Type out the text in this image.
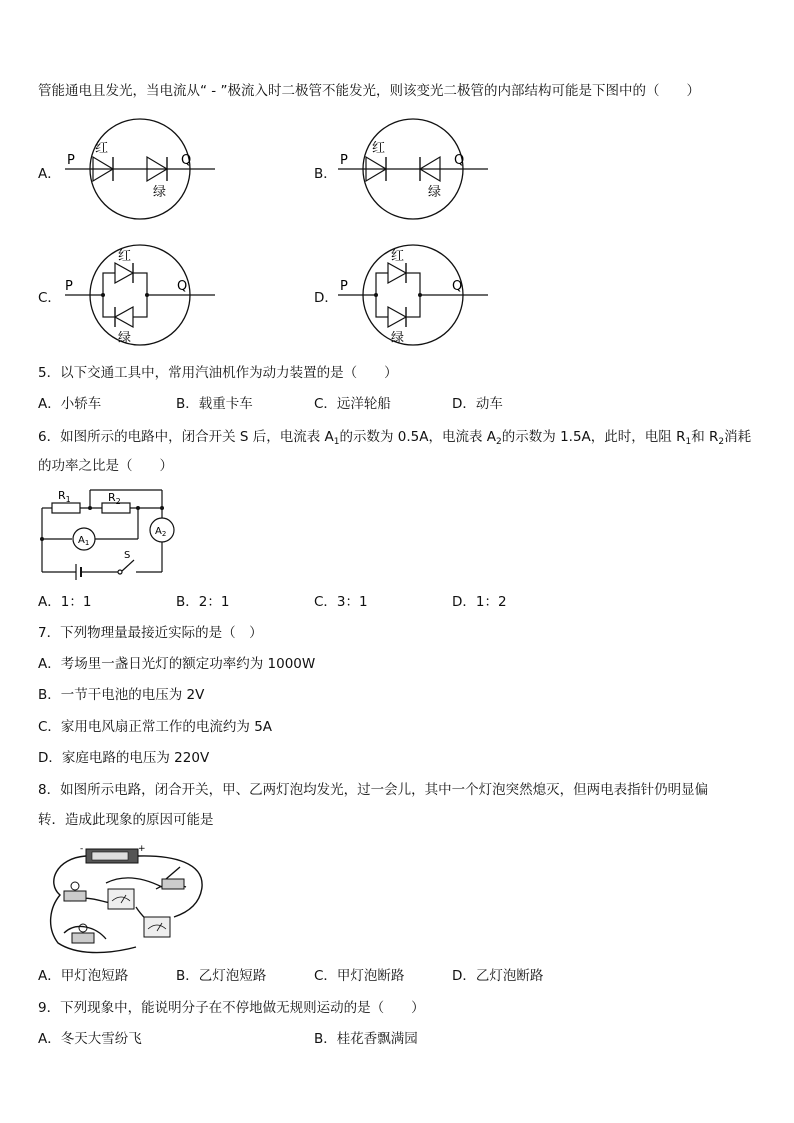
管能通电且发光，当电流从“ - ”极流入时二极管不能发光，则该变光二极管的内部结构可能是下图中的（　　）
A．
P	Q
红
绿
B．
P	Q
红
绿
C．
P	Q
红
绿
D．
P	Q
红
绿
5．以下交通工具中，常用汽油机作为动力装置的是（　　）
A．小轿车	B．载重卡车	C．远洋轮船	D．动车
6．如图所示的电路中，闭合开关 S 后，电流表 $A_1$的示数为 0.5A，电流表 $A_2$的示数为 1.5A，此时，电阻 $R_1$和 $R_2$消耗
的功率之比是（　　）
$R_1$	$R_2$
$A_1$
$A_2$
S
A．1：1	B．2：1	C．3：1	D．1：2
7．下列物理量最接近实际的是（　）
A．考场里一盏日光灯的额定功率约为 1000W
B．一节干电池的电压为 2V
C．家用电风扇正常工作的电流约为 5A
D．家庭电路的电压为 220V
8．如图所示电路，闭合开关，甲、乙两灯泡均发光，过一会儿，其中一个灯泡突然熄灭，但两电表指针仍明显偏
转．造成此现象的原因可能是
-	+
A．甲灯泡短路	B．乙灯泡短路	C．甲灯泡断路	D．乙灯泡断路
9．下列现象中，能说明分子在不停地做无规则运动的是（　　）
A．冬天大雪纷飞	B．桂花香飘满园
